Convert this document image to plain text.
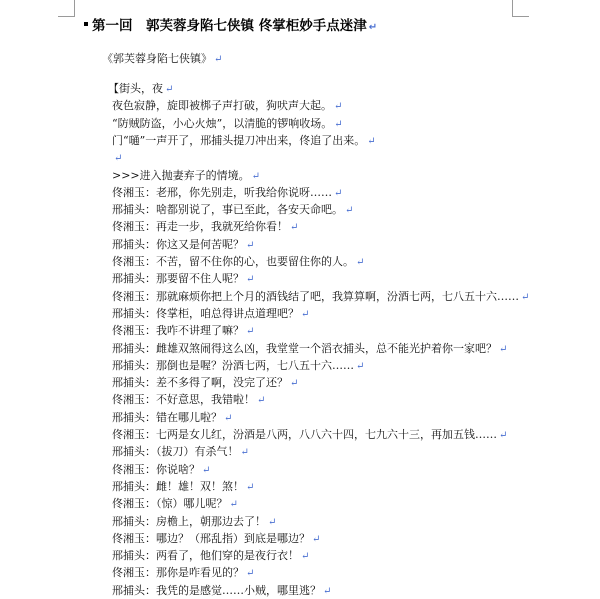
第一回　郭芙蓉身陷七侠镇 佟掌柜妙手点迷津 ↵
《郭芙蓉身陷七侠镇》 ↵
【街头，夜 ↵
夜色寂静，旋即被梆子声打破，狗吠声大起。 ↵
“防贼防盗，小心火烛”，以清脆的锣响收场。 ↵
门“嗵”一声开了，邢捕头提刀冲出来，佟追了出来。 ↵
↵
>>>进入抛妻弃子的情境。 ↵
佟湘玉：老邢，你先别走，听我给你说呀…… ↵
邢捕头：啥都别说了，事已至此，各安天命吧。 ↵
佟湘玉：再走一步，我就死给你看！ ↵
邢捕头：你这又是何苦呢？ ↵
佟湘玉：不苦，留不住你的心，也要留住你的人。 ↵
邢捕头：那要留不住人呢？ ↵
佟湘玉：那就麻烦你把上个月的酒钱结了吧，我算算啊，汾酒七两，七八五十六…… ↵
邢捕头：佟掌柜，咱总得讲点道理吧？ ↵
佟湘玉：我咋不讲理了嘛？ ↵
邢捕头：雌雄双煞闹得这么凶，我堂堂一个滔衣捕头，总不能光护着你一家吧？ ↵
邢捕头：那倒也是喔？汾酒七两，七八五十六…… ↵
邢捕头：差不多得了啊，没完了还？ ↵
佟湘玉：不好意思，我错啦！ ↵
邢捕头：错在哪儿啦？ ↵
佟湘玉：七两是女儿红，汾酒是八两，八八六十四，七九六十三，再加五钱…… ↵
邢捕头：（拔刀）有杀气！ ↵
佟湘玉：你说啥？ ↵
邢捕头：雌！雄！双！煞！ ↵
佟湘玉：（惊）哪儿呢？ ↵
邢捕头：房檐上，朝那边去了！ ↵
佟湘玉：哪边？（邢乱指）到底是哪边？ ↵
邢捕头：两看了，他们穿的是夜行衣！ ↵
佟湘玉：那你是咋看见的？ ↵
邢捕头：我凭的是感觉……小贼，哪里逃？ ↵
